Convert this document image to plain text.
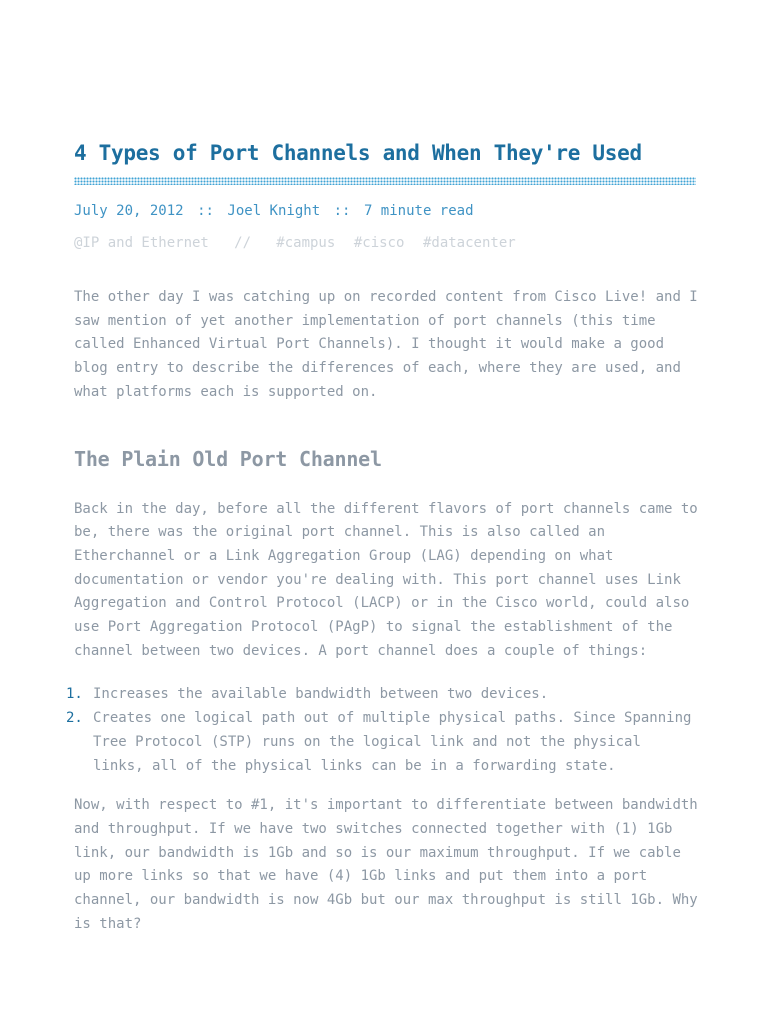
4 Types of Port Channels and When They're Used
July 20, 2012 :: Joel Knight :: 7 minute read
@IP and Ethernet // #campus #cisco #datacenter

The other day I was catching up on recorded content from Cisco Live! and I saw mention of yet another implementation of port channels (this time called Enhanced Virtual Port Channels). I thought it would make a good blog entry to describe the differences of each, where they are used, and what platforms each is supported on.

The Plain Old Port Channel

Back in the day, before all the different flavors of port channels came to be, there was the original port channel. This is also called an Etherchannel or a Link Aggregation Group (LAG) depending on what documentation or vendor you're dealing with. This port channel uses Link Aggregation and Control Protocol (LACP) or in the Cisco world, could also use Port Aggregation Protocol (PAgP) to signal the establishment of the channel between two devices. A port channel does a couple of things:

1. Increases the available bandwidth between two devices.
2. Creates one logical path out of multiple physical paths. Since Spanning Tree Protocol (STP) runs on the logical link and not the physical links, all of the physical links can be in a forwarding state.

Now, with respect to #1, it's important to differentiate between bandwidth and throughput. If we have two switches connected together with (1) 1Gb link, our bandwidth is 1Gb and so is our maximum throughput. If we cable up more links so that we have (4) 1Gb links and put them into a port channel, our bandwidth is now 4Gb but our max throughput is still 1Gb. Why is that?
